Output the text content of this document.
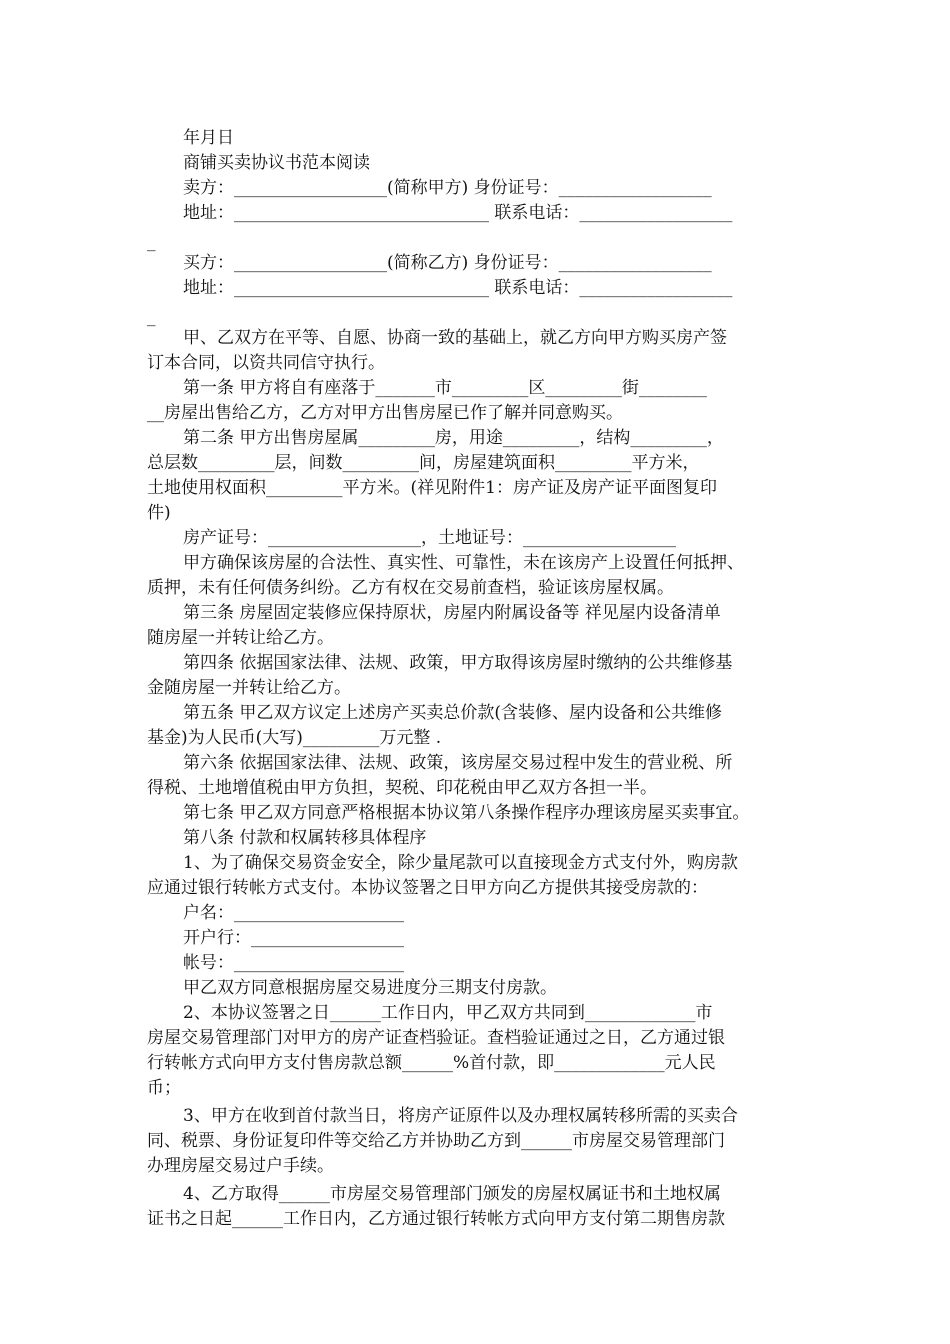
年月日
商铺买卖协议书范本阅读
卖方：__________________(简称甲方) 身份证号：__________________
地址：______________________________ 联系电话：__________________
_
买方：__________________(简称乙方) 身份证号：__________________
地址：______________________________ 联系电话：__________________
_
甲、乙双方在平等、自愿、协商一致的基础上，就乙方向甲方购买房产签
订本合同，以资共同信守执行。
第一条 甲方将自有座落于_______市_________区_________街________
__房屋出售给乙方，乙方对甲方出售房屋已作了解并同意购买。
第二条 甲方出售房屋属_________房，用途_________，结构_________，
总层数_________层，间数_________间，房屋建筑面积_________平方米，
土地使用权面积_________平方米。(祥见附件1：房产证及房产证平面图复印
件)
房产证号：__________________，土地证号：__________________
甲方确保该房屋的合法性、真实性、可靠性，未在该房产上设置任何抵押、
质押，未有任何债务纠纷。乙方有权在交易前查档，验证该房屋权属。
第三条 房屋固定装修应保持原状，房屋内附属设备等 祥见屋内设备清单
随房屋一并转让给乙方。
第四条 依据国家法律、法规、政策，甲方取得该房屋时缴纳的公共维修基
金随房屋一并转让给乙方。
第五条 甲乙双方议定上述房产买卖总价款(含装修、屋内设备和公共维修
基金)为人民币(大写)_________万元整 .
第六条 依据国家法律、法规、政策，该房屋交易过程中发生的营业税、所
得税、土地增值税由甲方负担，契税、印花税由甲乙双方各担一半。
第七条 甲乙双方同意严格根据本协议第八条操作程序办理该房屋买卖事宜。
第八条 付款和权属转移具体程序
1、为了确保交易资金安全，除少量尾款可以直接现金方式支付外，购房款
应通过银行转帐方式支付。本协议签署之日甲方向乙方提供其接受房款的：
户名：____________________
开户行：__________________
帐号：____________________
甲乙双方同意根据房屋交易进度分三期支付房款。
2、本协议签署之日______工作日内，甲乙双方共同到_____________市
房屋交易管理部门对甲方的房产证查档验证。查档验证通过之日，乙方通过银
行转帐方式向甲方支付售房款总额______%首付款，即_____________元人民
币；
3、甲方在收到首付款当日，将房产证原件以及办理权属转移所需的买卖合
同、税票、身份证复印件等交给乙方并协助乙方到______市房屋交易管理部门
办理房屋交易过户手续。
4、乙方取得______市房屋交易管理部门颁发的房屋权属证书和土地权属
证书之日起______工作日内，乙方通过银行转帐方式向甲方支付第二期售房款
